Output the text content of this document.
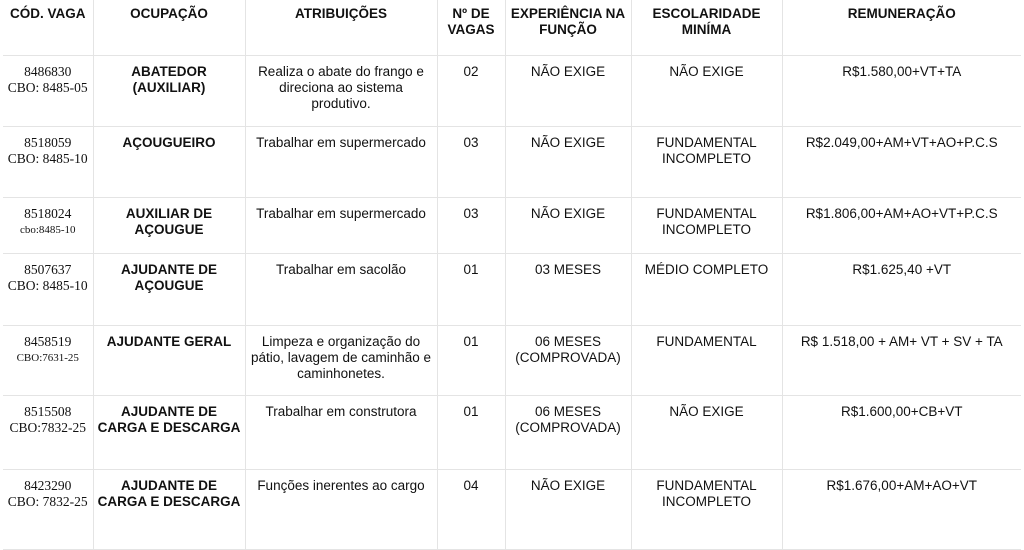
CÓD. VAGA	OCUPAÇÃO	ATRIBUIÇÕES	Nº DE VAGAS	EXPERIÊNCIA NA FUNÇÃO	ESCOLARIDADE MINÍMA	REMUNERAÇÃO
8486830
CBO: 8485-05	ABATEDOR (AUXILIAR)	Realiza o abate do frango e direciona ao sistema produtivo.	02	NÃO EXIGE	NÃO EXIGE	R$1.580,00+VT+TA
8518059
CBO: 8485-10	AÇOUGUEIRO	Trabalhar em supermercado	03	NÃO EXIGE	FUNDAMENTAL INCOMPLETO	R$2.049,00+AM+VT+AO+P.C.S
8518024
cbo:8485-10	AUXILIAR DE AÇOUGUE	Trabalhar em supermercado	03	NÃO EXIGE	FUNDAMENTAL INCOMPLETO	R$1.806,00+AM+AO+VT+P.C.S
8507637
CBO: 8485-10	AJUDANTE DE AÇOUGUE	Trabalhar em sacolão	01	03 MESES	MÉDIO COMPLETO	R$1.625,40 +VT
8458519
CBO:7631-25	AJUDANTE GERAL	Limpeza e organização do pátio, lavagem de caminhão e caminhonetes.	01	06 MESES (COMPROVADA)	FUNDAMENTAL	R$ 1.518,00 + AM+ VT + SV + TA
8515508
CBO:7832-25	AJUDANTE DE CARGA E DESCARGA	Trabalhar em construtora	01	06 MESES (COMPROVADA)	NÃO EXIGE	R$1.600,00+CB+VT
8423290
CBO: 7832-25	AJUDANTE DE CARGA E DESCARGA	Funções inerentes ao cargo	04	NÃO EXIGE	FUNDAMENTAL INCOMPLETO	R$1.676,00+AM+AO+VT
